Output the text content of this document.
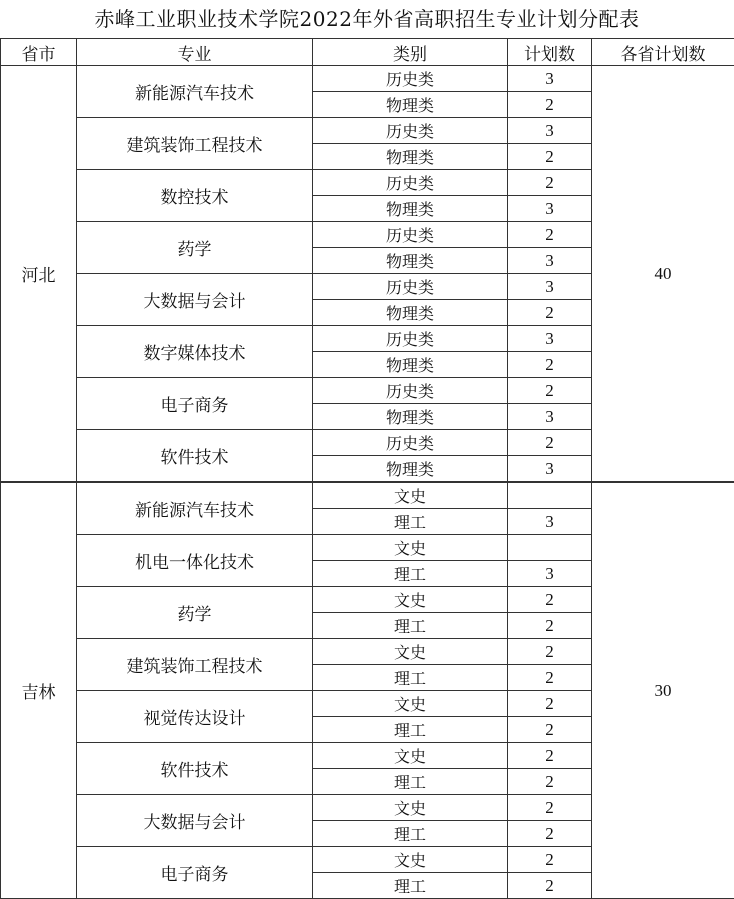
赤峰工业职业技术学院2022年外省高职招生专业计划分配表
省市	专业	类别	计划数	各省计划数
河北	新能源汽车技术	历史类	3	40
		物理类	2	
	建筑装饰工程技术	历史类	3	
		物理类	2	
	数控技术	历史类	2	
		物理类	3	
	药学	历史类	2	
		物理类	3	
	大数据与会计	历史类	3	
		物理类	2	
	数字媒体技术	历史类	3	
		物理类	2	
	电子商务	历史类	2	
		物理类	3	
	软件技术	历史类	2	
		物理类	3	
吉林	新能源汽车技术	文史		30
		理工	3	
	机电一体化技术	文史		
		理工	3	
	药学	文史	2	
		理工	2	
	建筑装饰工程技术	文史	2	
		理工	2	
	视觉传达设计	文史	2	
		理工	2	
	软件技术	文史	2	
		理工	2	
	大数据与会计	文史	2	
		理工	2	
	电子商务	文史	2	
		理工	2	
